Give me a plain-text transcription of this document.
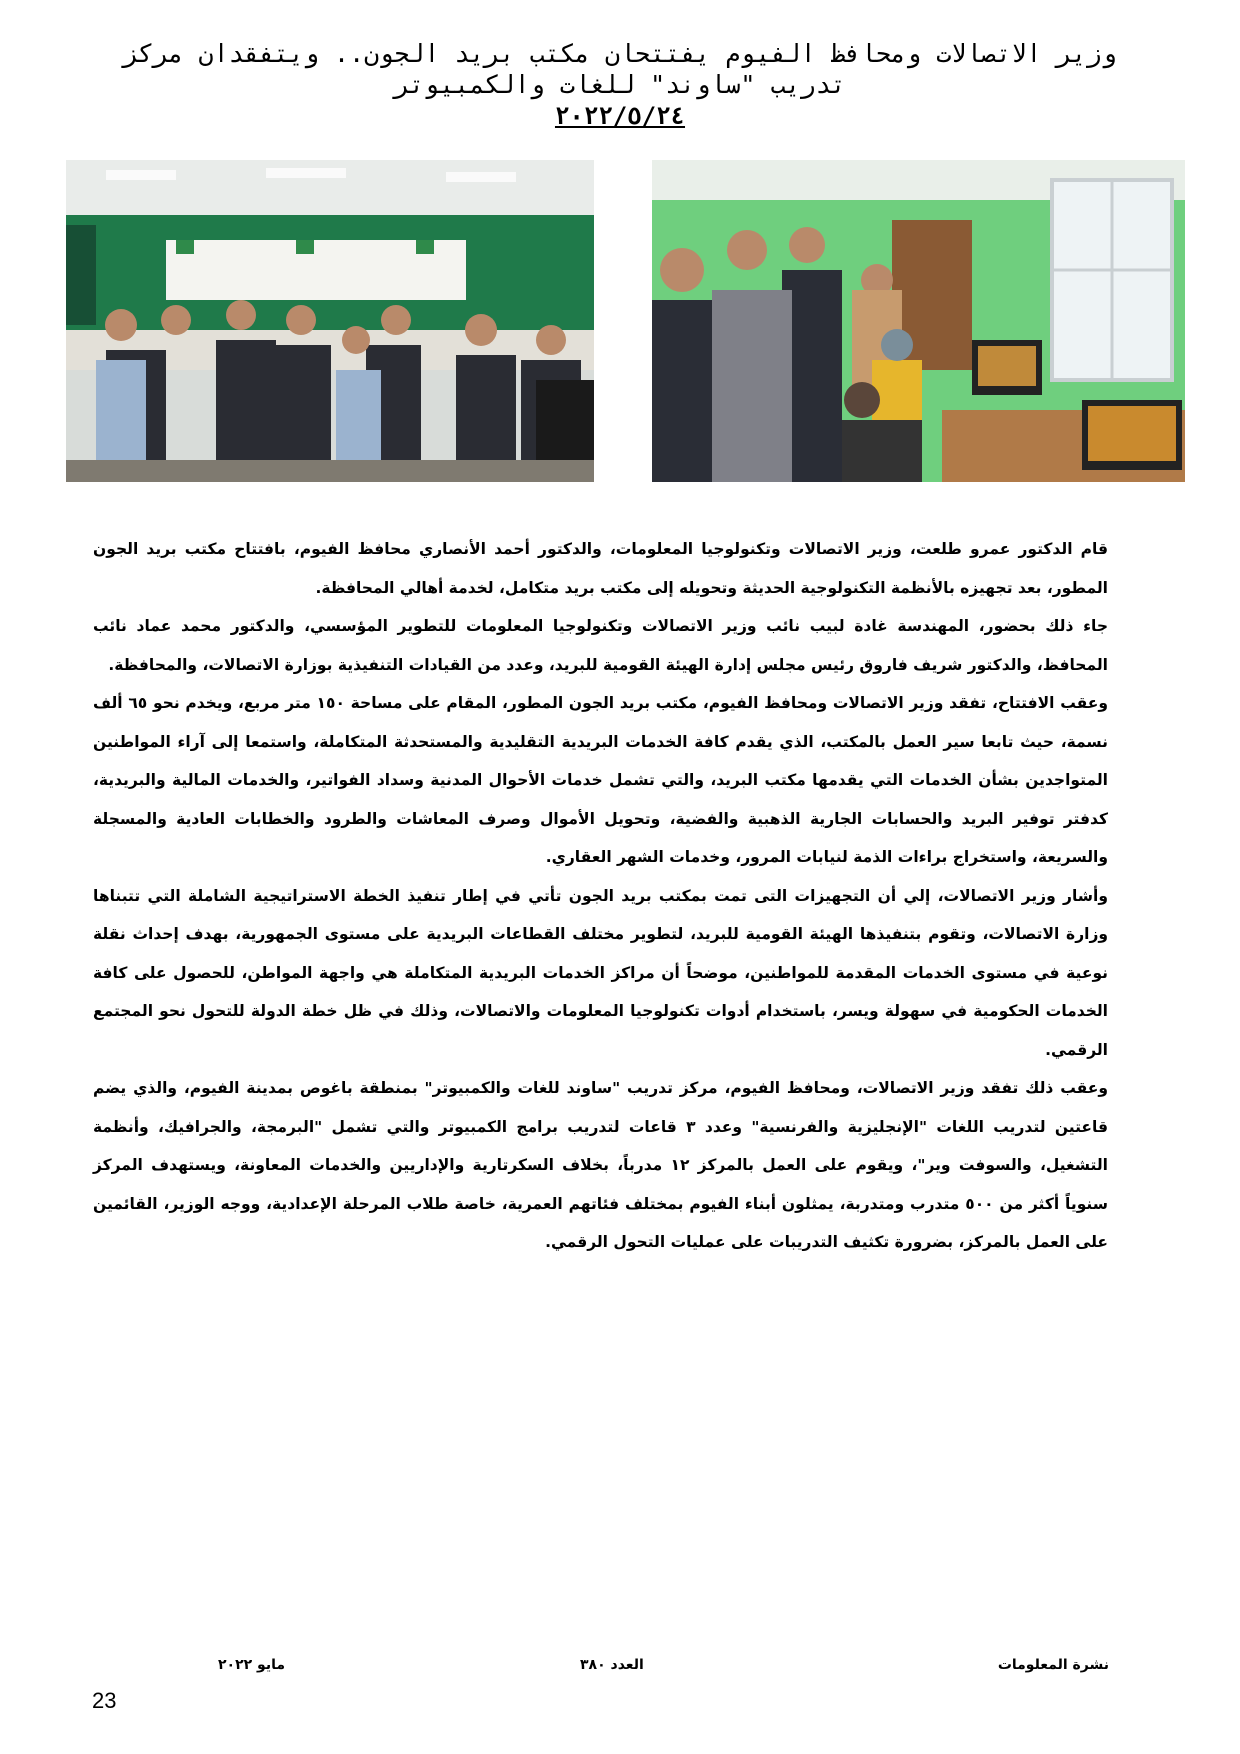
وزير الاتصالات ومحافظ الفيوم يفتتحان مكتب بريد الجون.. ويتفقدان مركز
تدريب "ساوند" للغات والكمبيوتر
٢٠٢٢/٥/٢٤

قام الدكتور عمرو طلعت، وزير الاتصالات وتكنولوجيا المعلومات، والدكتور أحمد الأنصاري محافظ الفيوم، بافتتاح مكتب بريد الجون المطور، بعد تجهيزه بالأنظمة التكنولوجية الحديثة وتحويله إلى مكتب بريد متكامل، لخدمة أهالي المحافظة.

جاء ذلك بحضور، المهندسة غادة لبيب نائب وزير الاتصالات وتكنولوجيا المعلومات للتطوير المؤسسي، والدكتور محمد عماد نائب المحافظ، والدكتور شريف فاروق رئيس مجلس إدارة الهيئة القومية للبريد، وعدد من القيادات التنفيذية بوزارة الاتصالات، والمحافظة.

وعقب الافتتاح، تفقد وزير الاتصالات ومحافظ الفيوم، مكتب بريد الجون المطور، المقام على مساحة ١٥٠ متر مربع، ويخدم نحو ٦٥ ألف نسمة، حيث تابعا سير العمل بالمكتب، الذي يقدم كافة الخدمات البريدية التقليدية والمستحدثة المتكاملة، واستمعا إلى آراء المواطنين المتواجدين بشأن الخدمات التي يقدمها مكتب البريد، والتي تشمل خدمات الأحوال المدنية وسداد الفواتير، والخدمات المالية والبريدية، كدفتر توفير البريد والحسابات الجارية الذهبية والفضية، وتحويل الأموال وصرف المعاشات والطرود والخطابات العادية والمسجلة والسريعة، واستخراج براءات الذمة لنيابات المرور، وخدمات الشهر العقاري.

وأشار وزير الاتصالات، إلي أن التجهيزات التى تمت بمكتب بريد الجون تأتي في إطار تنفيذ الخطة الاستراتيجية الشاملة التي تتبناها وزارة الاتصالات، وتقوم بتنفيذها الهيئة القومية للبريد، لتطوير مختلف القطاعات البريدية على مستوى الجمهورية، بهدف إحداث نقلة نوعية في مستوى الخدمات المقدمة للمواطنين، موضحاً أن مراكز الخدمات البريدية المتكاملة هي واجهة المواطن، للحصول على كافة الخدمات الحكومية في سهولة ويسر، باستخدام أدوات تكنولوجيا المعلومات والاتصالات، وذلك في ظل خطة الدولة للتحول نحو المجتمع الرقمي.

وعقب ذلك تفقد وزير الاتصالات، ومحافظ الفيوم، مركز تدريب "ساوند للغات والكمبيوتر" بمنطقة باغوص بمدينة الفيوم، والذي يضم قاعتين لتدريب اللغات "الإنجليزية والفرنسية" وعدد ٣ قاعات لتدريب برامج الكمبيوتر والتي تشمل "البرمجة، والجرافيك، وأنظمة التشغيل، والسوفت وير"، ويقوم على العمل بالمركز ١٢ مدرباً، بخلاف السكرتارية والإداريين والخدمات المعاونة، ويستهدف المركز سنوياً أكثر من ٥٠٠ متدرب ومتدربة، يمثلون أبناء الفيوم بمختلف فئاتهم العمرية، خاصة طلاب المرحلة الإعدادية، ووجه الوزير، القائمين على العمل بالمركز، بضرورة تكثيف التدريبات على عمليات التحول الرقمي.

نشرة المعلومات
العدد ٣٨٠
مايو ٢٠٢٢
23
